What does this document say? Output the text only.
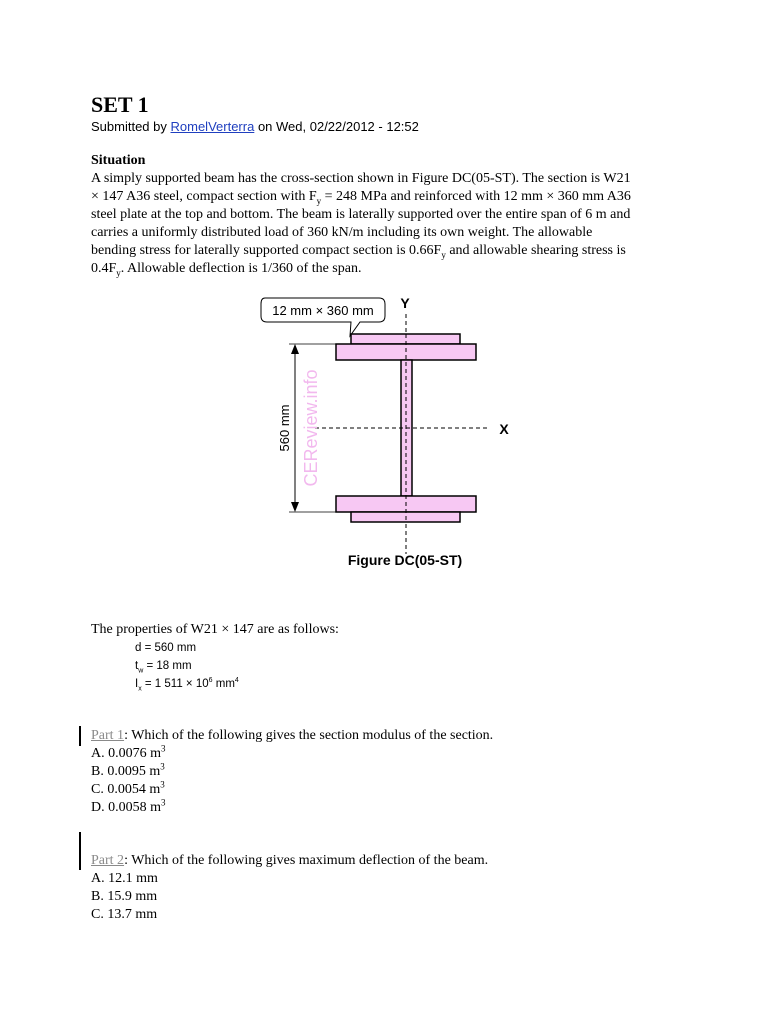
SET 1
Submitted by RomelVerterra on Wed, 02/22/2012 - 12:52
Situation
A simply supported beam has the cross-section shown in Figure DC(05-ST). The section is W21
× 147 A36 steel, compact section with $F_y = 248$ MPa and reinforced with 12 mm × 360 mm A36
steel plate at the top and bottom. The beam is laterally supported over the entire span of 6 m and
carries a uniformly distributed load of 360 kN/m including its own weight. The allowable
bending stress for laterally supported compact section is $0.66F_y$ and allowable shearing stress is
$0.4F_y$. Allowable deflection is 1/360 of the span.
12 mm × 360 mm Y
X
560 mm CEReview.info
Figure DC(05-ST)
The properties of W21 × 147 are as follows:
d = 560 mm
$t_w = 18$ mm
$I_x = 1$ $511 \times 10^6$ $mm^4$
Part 1: Which of the following gives the section modulus of the section.
A. 0.0076 $m^3$
B. 0.0095 $m^3$
C. 0.0054 $m^3$
D. 0.0058 $m^3$
Part 2: Which of the following gives maximum deflection of the beam.
A. 12.1 mm
B. 15.9 mm
C. 13.7 mm
